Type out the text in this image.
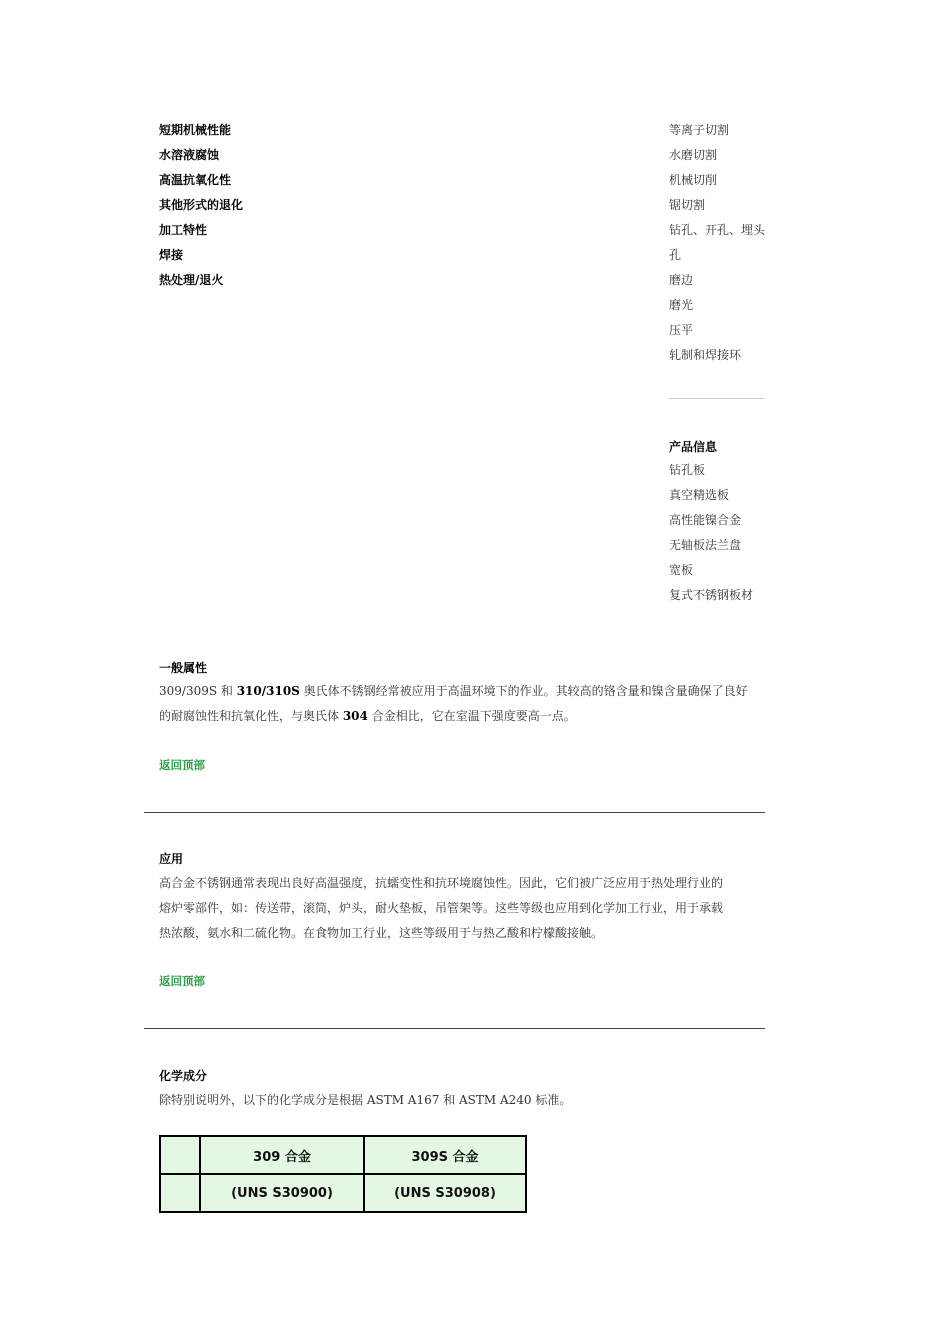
短期机械性能
水溶液腐蚀
高温抗氧化性
其他形式的退化
加工特性
焊接
热处理/退火
等离子切割
水磨切割
机械切削
锯切割
钻孔、开孔、埋头
孔
磨边
磨光
压平
轧制和焊接环
产品信息
钻孔板
真空精选板
高性能镍合金
无轴板法兰盘
宽板
复式不锈钢板材
一般属性
309/309S 和 310/310S 奥氏体不锈钢经常被应用于高温环境下的作业。其较高的铬含量和镍含量确保了良好
的耐腐蚀性和抗氧化性，与奥氏体 304 合金相比，它在室温下强度要高一点。
返回顶部
应用
高合金不锈钢通常表现出良好高温强度，抗蠕变性和抗环境腐蚀性。因此，它们被广泛应用于热处理行业的
熔炉零部件，如：传送带，滚筒，炉头，耐火垫板，吊管架等。这些等级也应用到化学加工行业，用于承载
热浓酸，氨水和二硫化物。在食物加工行业，这些等级用于与热乙酸和柠檬酸接触。
返回顶部
化学成分
除特别说明外，以下的化学成分是根据 ASTM A167 和 ASTM A240 标准。
	309 合金	309S 合金
	(UNS S30900)	(UNS S30908)
